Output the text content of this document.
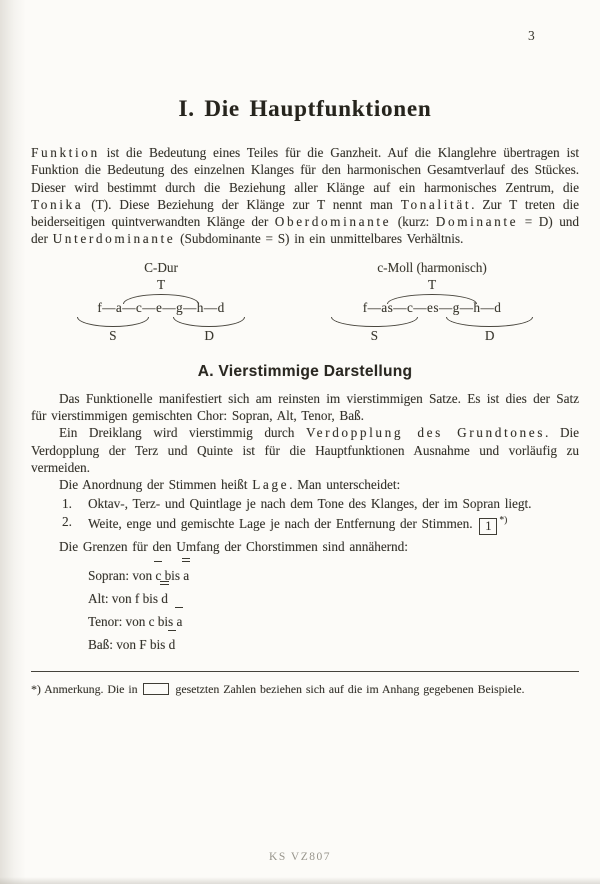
3
I. Die Hauptfunktionen

Funktion ist die Bedeutung eines Teiles für die Ganzheit. Auf die Klanglehre übertragen ist Funktion die Bedeutung des einzelnen Klanges für den harmonischen Gesamtverlauf des Stückes. Dieser wird bestimmt durch die Beziehung aller Klänge auf ein harmonisches Zentrum, die Tonika (T). Diese Beziehung der Klänge zur T nennt man Tonalität. Zur T treten die beiderseitigen quintverwandten Klänge der Oberdominante (kurz: Dominante = D) und der Unterdominante (Subdominante = S) in ein unmittelbares Verhältnis.

C-Dur
T
f—a—c—e—g—h—d
S	D
c-Moll (harmonisch)
T
f—as—c—es—g—h—d
S	D
A. Vierstimmige Darstellung

Das Funktionelle manifestiert sich am reinsten im vierstimmigen Satze. Es ist dies der Satz für vierstimmigen gemischten Chor: Sopran, Alt, Tenor, Baß.

Ein Dreiklang wird vierstimmig durch Verdopplung des Grundtones. Die Verdopplung der Terz und Quinte ist für die Hauptfunktionen Ausnahme und vorläufig zu vermeiden.

Die Anordnung der Stimmen heißt Lage. Man unterscheidet:

1. Oktav-, Terz- und Quintlage je nach dem Tone des Klanges, der im Sopran liegt.
2. Weite, enge und gemischte Lage je nach der Entfernung der Stimmen. 1 *)

Die Grenzen für den Umfang der Chorstimmen sind annähernd:

Sopran: von c bis a
Alt: von f bis d
Tenor: von c bis a
Baß: von F bis d

*) Anmerkung. Die in	gesetzten Zahlen beziehen sich auf die im Anhang gegebenen Beispiele.

KS VZ807
